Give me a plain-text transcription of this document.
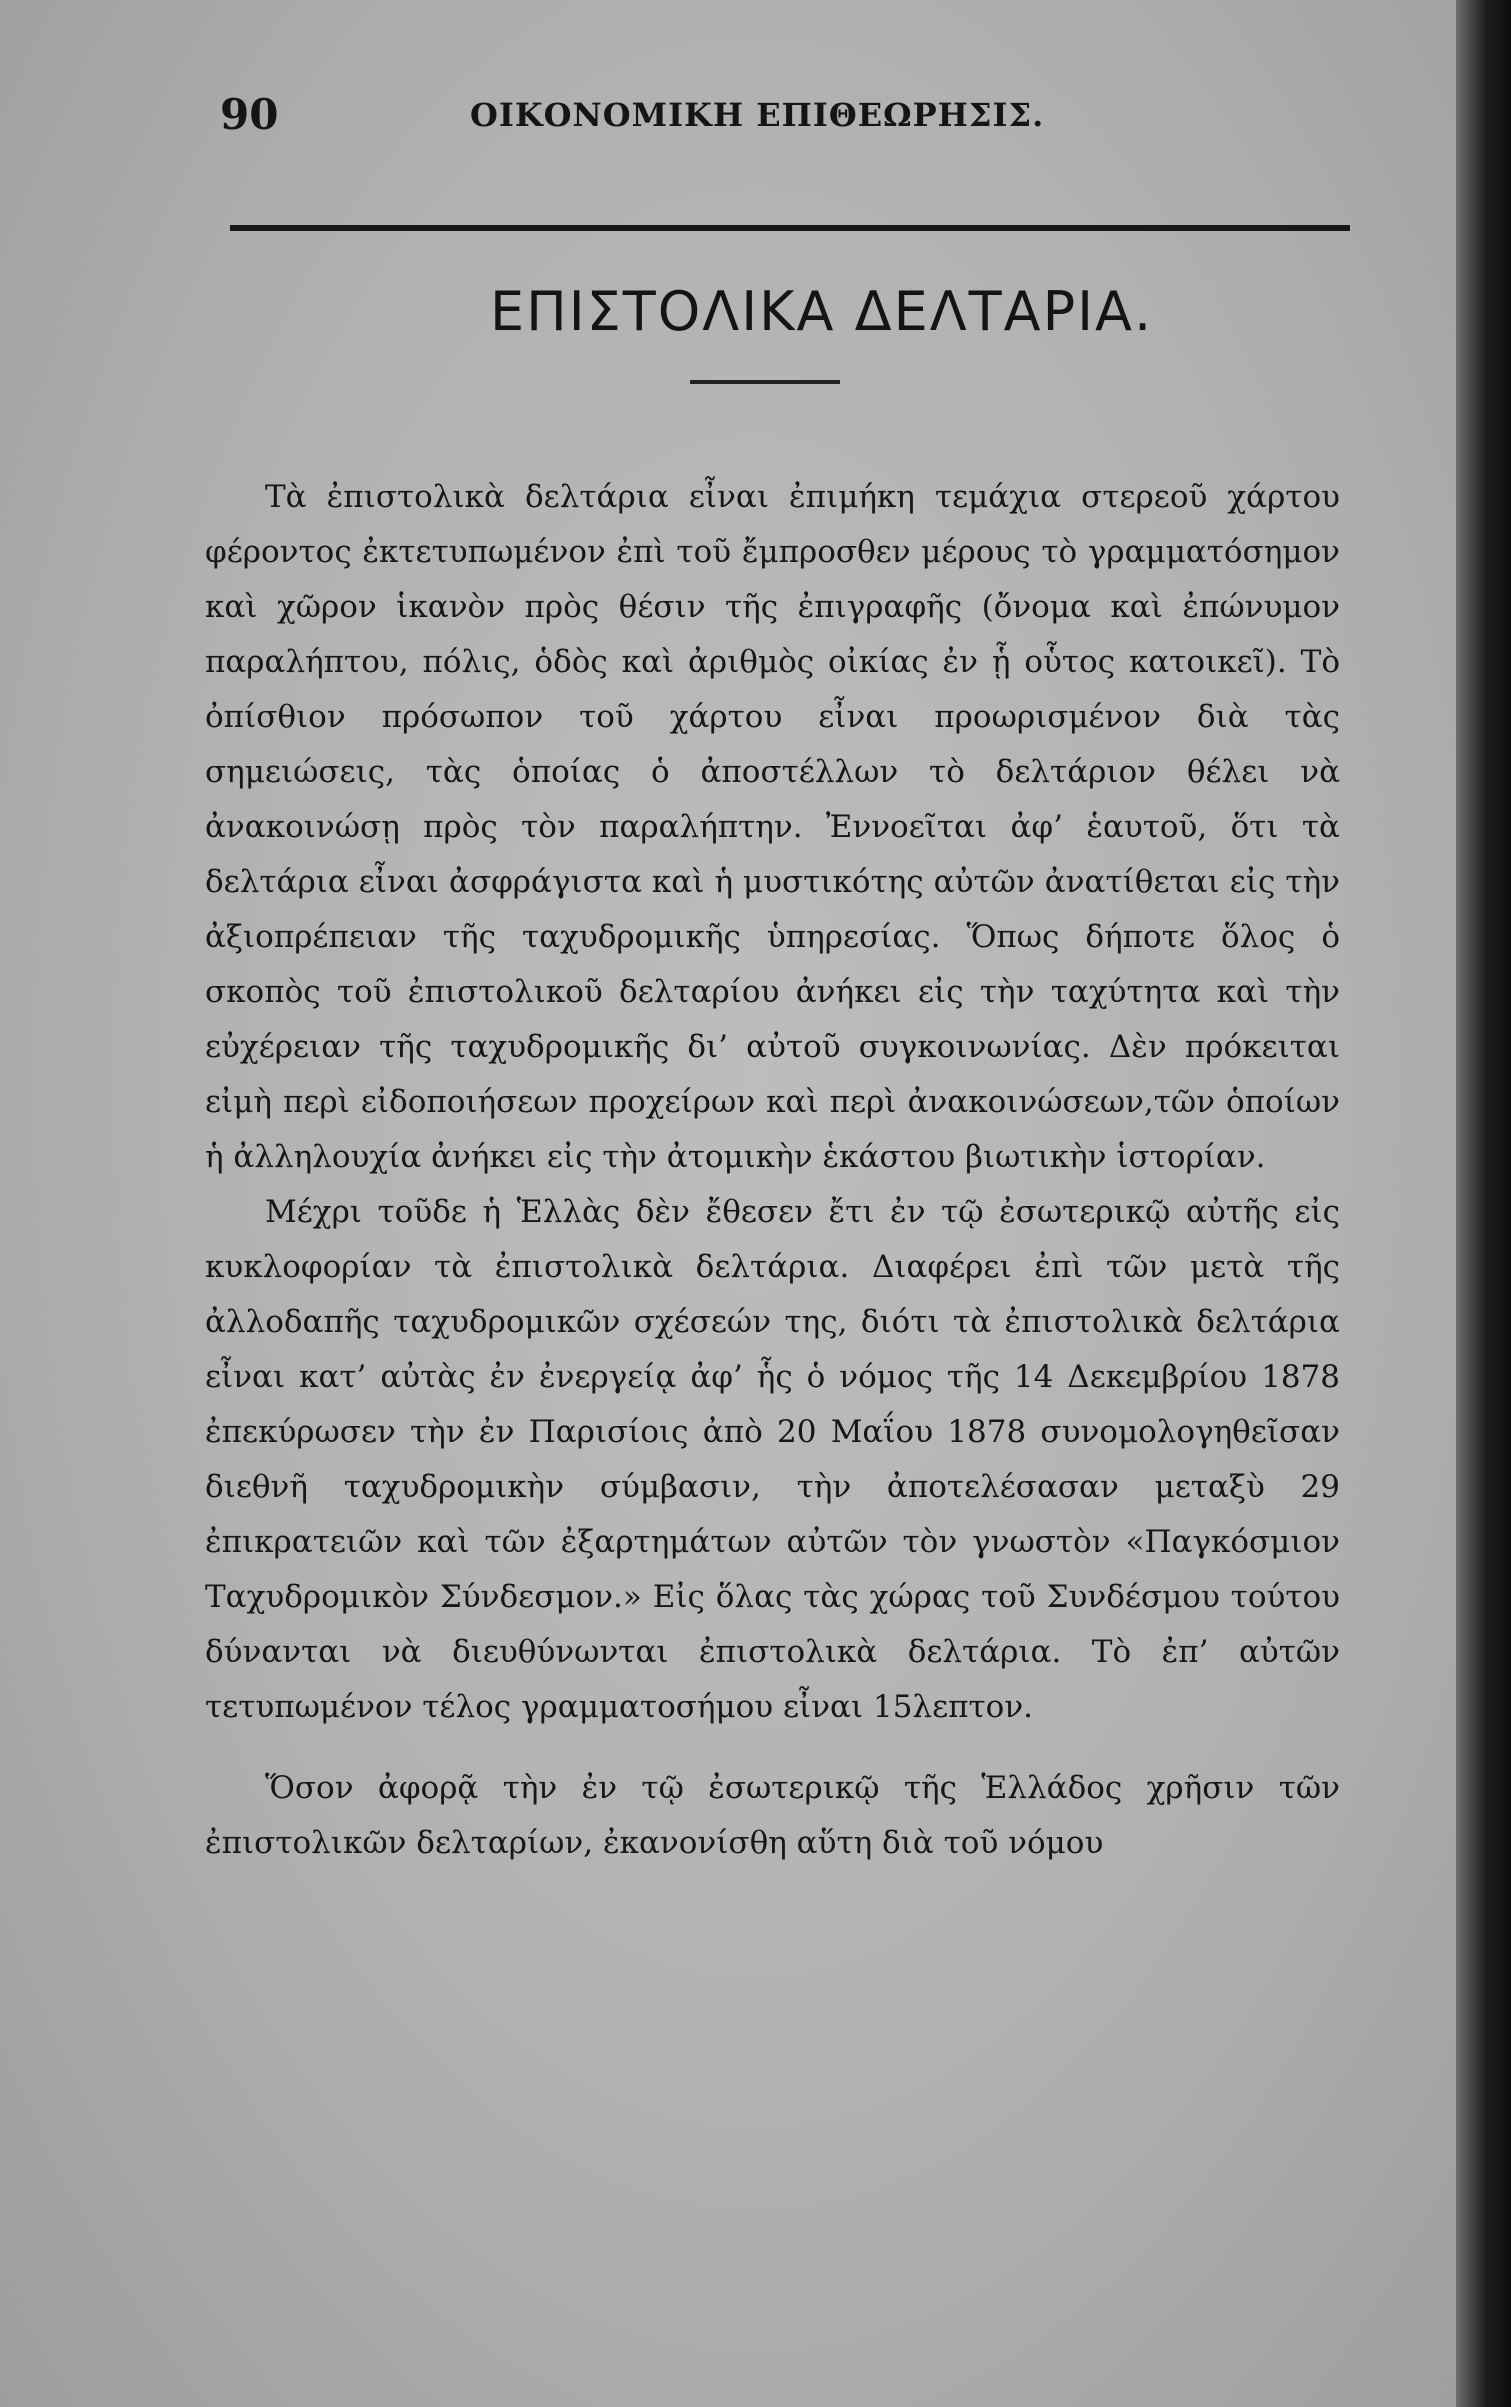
90	ΟΙΚΟΝΟΜΙΚΗ ΕΠΙΘΕΩΡΗΣΙΣ.
ΕΠΙΣΤΟΛΙΚΑ ΔΕΛΤΑΡΙΑ.

Τὰ ἐπιστολικὰ δελτάρια εἶναι ἐπιμήκη τεμάχια στερεοῦ χάρτου φέροντος ἐκτετυπωμένον ἐπὶ τοῦ ἔμπροσθεν μέρους τὸ γραμματόσημον καὶ χῶρον ἱκανὸν πρὸς θέσιν τῆς ἐπιγραφῆς (ὄνομα καὶ ἐπώνυμον παραλήπτου, πόλις, ὁδὸς καὶ ἀριθμὸς οἰκίας ἐν ᾗ οὗτος κατοικεῖ). Τὸ ὀπίσθιον πρόσωπον τοῦ χάρτου εἶναι προωρισμένον διὰ τὰς σημειώσεις, τὰς ὁποίας ὁ ἀποστέλλων τὸ δελτάριον θέλει νὰ ἀνακοινώσῃ πρὸς τὸν παραλήπτην. Ἐννοεῖται ἀφ’ ἑαυτοῦ, ὅτι τὰ δελτάρια εἶναι ἀσφράγιστα καὶ ἡ μυστικότης αὐτῶν ἀνατίθεται εἰς τὴν ἀξιοπρέπειαν τῆς ταχυδρομικῆς ὑπηρεσίας. Ὅπως δήποτε ὅλος ὁ σκοπὸς τοῦ ἐπιστολικοῦ δελταρίου ἀνήκει εἰς τὴν ταχύτητα καὶ τὴν εὐχέρειαν τῆς ταχυδρομικῆς δι’ αὐτοῦ συγκοινωνίας. Δὲν πρόκειται εἰμὴ περὶ εἰδοποιήσεων προχείρων καὶ περὶ ἀνακοινώσεων,τῶν ὁποίων ἡ ἀλληλουχία ἀνήκει εἰς τὴν ἀτομικὴν ἑκάστου βιωτικὴν ἱστορίαν.

Μέχρι τοῦδε ἡ Ἑλλὰς δὲν ἔθεσεν ἔτι ἐν τῷ ἐσωτερικῷ αὐτῆς εἰς κυκλοφορίαν τὰ ἐπιστολικὰ δελτάρια. Διαφέρει ἐπὶ τῶν μετὰ τῆς ἀλλοδαπῆς ταχυδρομικῶν σχέσεών της, διότι τὰ ἐπιστολικὰ δελτάρια εἶναι κατ’ αὐτὰς ἐν ἐνεργείᾳ ἀφ’ ἧς ὁ νόμος τῆς 14 Δεκεμβρίου 1878 ἐπεκύρωσεν τὴν ἐν Παρισίοις ἀπὸ 20 Μαΐου 1878 συνομολογηθεῖσαν διεθνῆ ταχυδρομικὴν σύμβασιν, τὴν ἀποτελέσασαν μεταξὺ 29 ἐπικρατειῶν καὶ τῶν ἐξαρτημάτων αὐτῶν τὸν γνωστὸν «Παγκόσμιον Ταχυδρομικὸν Σύνδεσμον.» Εἰς ὅλας τὰς χώρας τοῦ Συνδέσμου τούτου δύνανται νὰ διευθύνωνται ἐπιστολικὰ δελτάρια. Τὸ ἐπ’ αὐτῶν τετυπωμένον τέλος γραμματοσήμου εἶναι 15λεπτον.

Ὅσον ἀφορᾷ τὴν ἐν τῷ ἐσωτερικῷ τῆς Ἑλλάδος χρῆσιν τῶν ἐπιστολικῶν δελταρίων, ἐκανονίσθη αὕτη διὰ τοῦ νόμου
